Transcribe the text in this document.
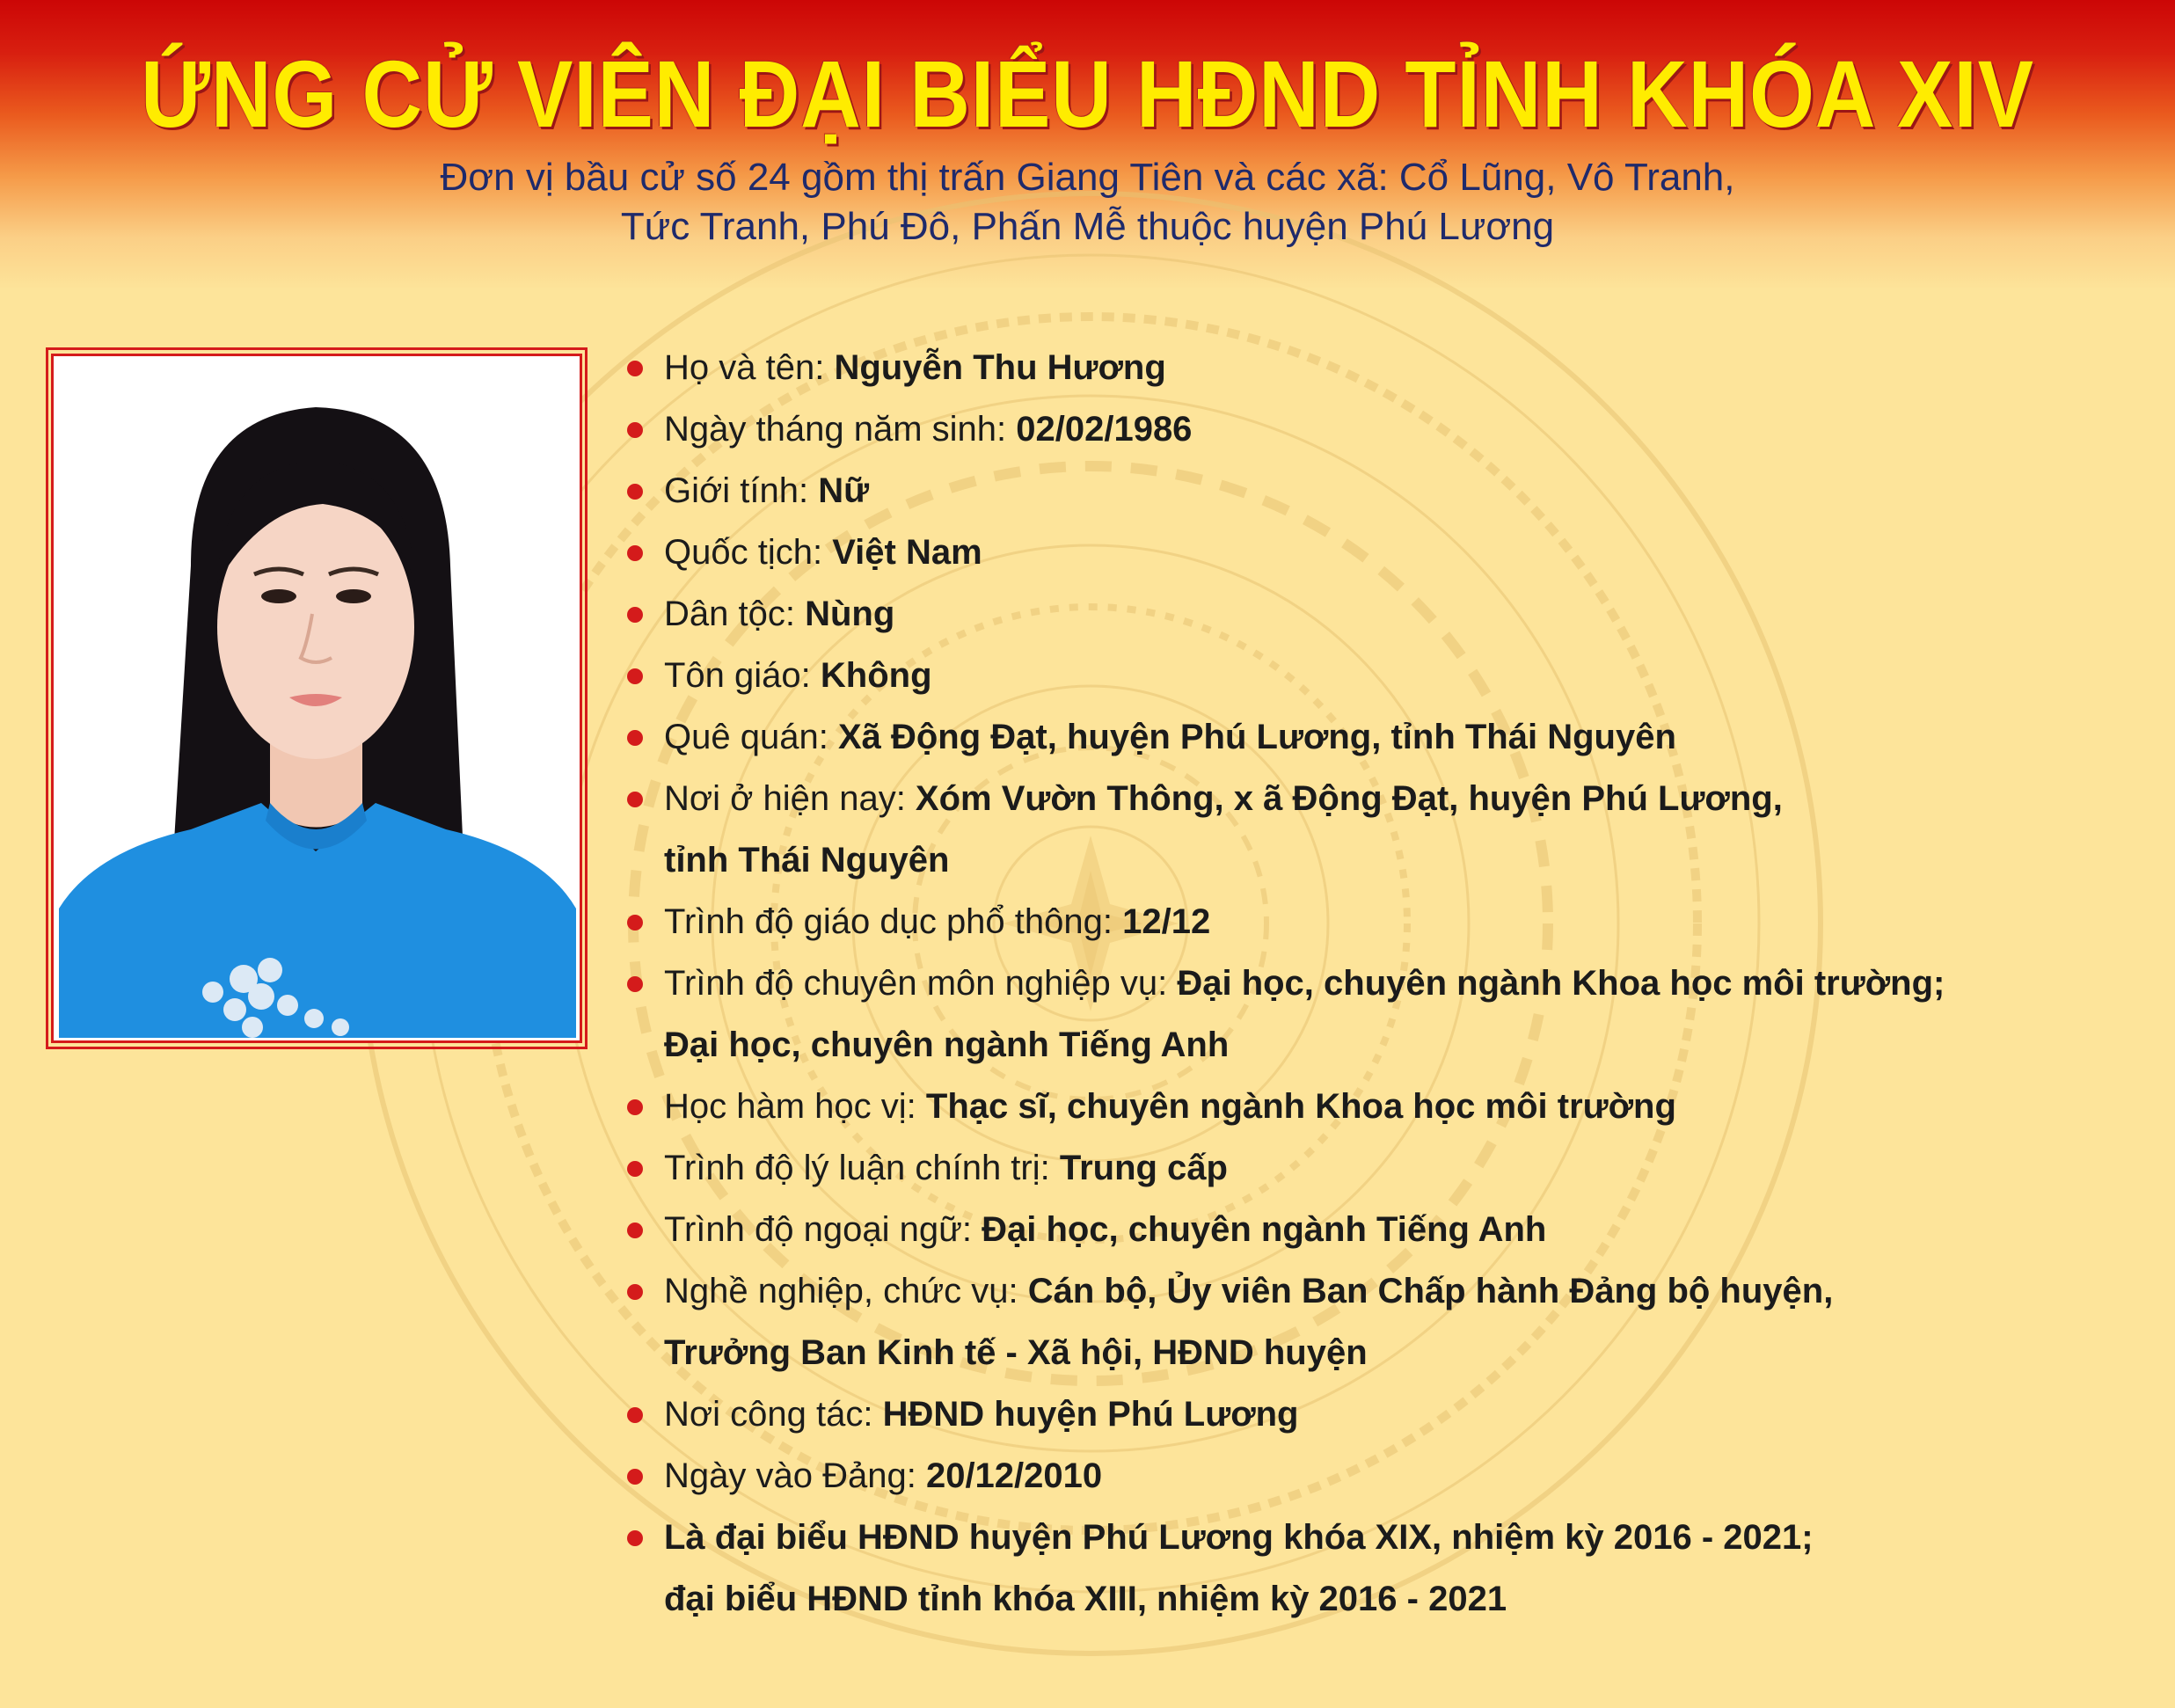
ỨNG CỬ VIÊN ĐẠI BIỂU HĐND TỈNH KHÓA XIV
Đơn vị bầu cử số 24 gồm thị trấn Giang Tiên và các xã: Cổ Lũng, Vô Tranh,
Tức Tranh, Phú Đô, Phấn Mễ thuộc huyện Phú Lương
Họ và tên: Nguyễn Thu Hương
Ngày tháng năm sinh: 02/02/1986
Giới tính: Nữ
Quốc tịch: Việt Nam
Dân tộc: Nùng
Tôn giáo: Không
Quê quán: Xã Động Đạt, huyện Phú Lương, tỉnh Thái Nguyên
Nơi ở hiện nay: Xóm Vườn Thông, x ã Động Đạt, huyện Phú Lương,
tỉnh Thái Nguyên
Trình độ giáo dục phổ thông: 12/12
Trình độ chuyên môn nghiệp vụ: Đại học, chuyên ngành Khoa học môi trường;
Đại học, chuyên ngành Tiếng Anh
Học hàm học vị: Thạc sĩ, chuyên ngành Khoa học môi trường
Trình độ lý luận chính trị: Trung cấp
Trình độ ngoại ngữ: Đại học, chuyên ngành Tiếng Anh
Nghề nghiệp, chức vụ: Cán bộ, Ủy viên Ban Chấp hành Đảng bộ huyện,
Trưởng Ban Kinh tế - Xã hội, HĐND huyện
Nơi công tác: HĐND huyện Phú Lương
Ngày vào Đảng: 20/12/2010
Là đại biểu HĐND huyện Phú Lương khóa XIX, nhiệm kỳ 2016 - 2021;
đại biểu HĐND tỉnh khóa XIII, nhiệm kỳ 2016 - 2021
